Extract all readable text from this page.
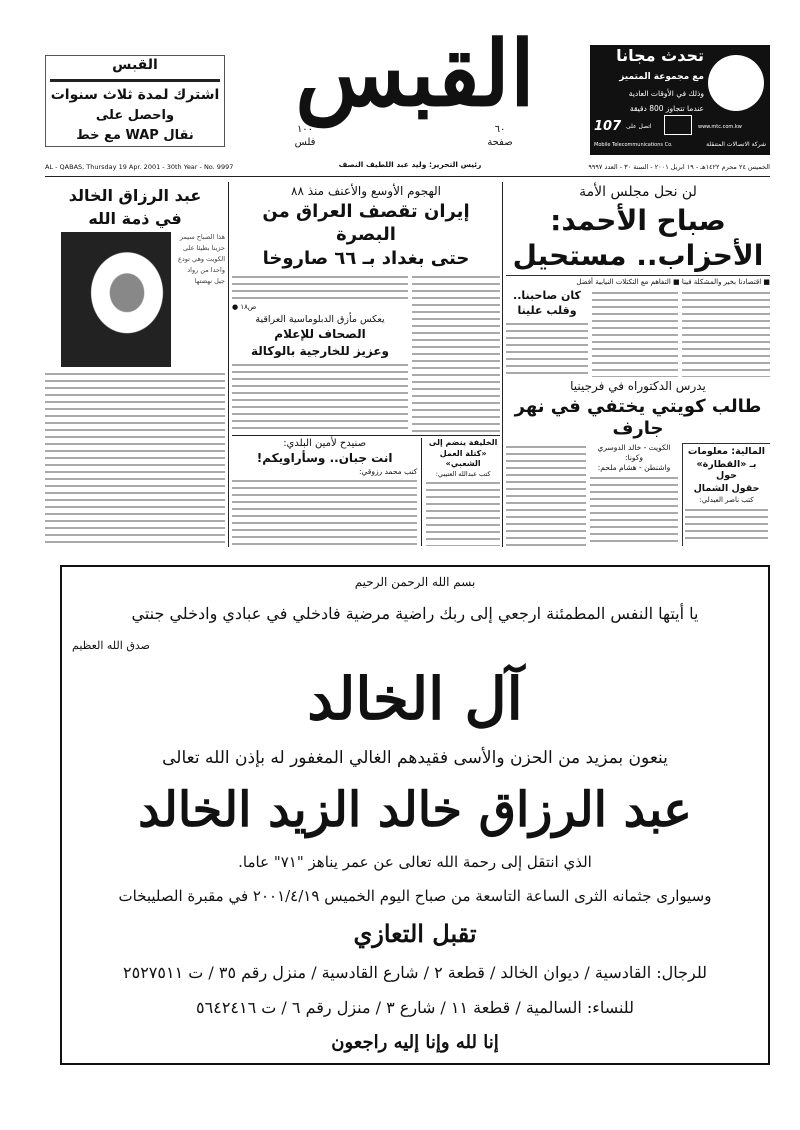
القبس
اشترك لمدة ثلاث سنوات
واحصل على
نقال WAP مع خط
القبس
١٠٠
فلس
٦٠
صفحة
رئيس التحرير: وليد عبد اللطيف النصف
تحدث مجانا
مع مجموعة المتميز
وذلك في الأوقات العادية
عندما تتجاوز 800 دقيقة
107 اتصل على	www.mtc.com.kw
Mobile Telecommunications Co.	شركة الاتصالات المتنقلة
AL - QABAS, Thursday 19 Apr. 2001 - 30th Year - No. 9997	الخميس ٢٤ محرم ١٤٢٢هـ - ١٩ ابريل ٢٠٠١ - السنة ٣٠ - العدد ٩٩٩٧
عبد الرزاق الخالد
في ذمة الله
هذا الصباح سيمر حزينا بطيئا على الكويت وهي تودع واحدا من رواد جيل نهضتها
لن نحل مجلس الأمة
صباح الأحمد:
الأحزاب.. مستحيل
■ اقتصادنا بخير والمشكلة فينا ■ التفاهم مع التكتلات النيابية أفضل
كان صاحبنا..
وقلب علينا
يدرس الدكتوراه في فرجينيا
طالب كويتي يختفي في نهر جارف
المالية: معلومات
بـ «القطارة» حول
حقول الشمال
كتب ناصر العبدلي:
الكويت - خالد الدوسري
وكونا:
واشنطن - هشام ملحم:
الهجوم الأوسع والأعنف منذ ٨٨
إيران تقصف العراق من البصرة
حتى بغداد بـ ٦٦ صاروخا
● ص١٨
يعكس مأزق الدبلوماسية العراقية
الصحاف للإعلام
وعزيز للخارجية بالوكالة
الخليفة ينضم إلى
«كتلة العمل الشعبي»
كتب عبدالله العتيبي:
صنيدح لأمين البلدي:
انت جبان.. وسأراويكم!
كتب محمد رزوقي:
بسم الله الرحمن الرحيم
يا أيتها النفس المطمئنة ارجعي إلى ربك راضية مرضية فادخلي في عبادي وادخلي جنتي
صدق الله العظيم
آل الخالد
ينعون بمزيد من الحزن والأسى فقيدهم الغالي المغفور له بإذن الله تعالى
عبد الرزاق خالد الزيد الخالد
الذي انتقل إلى رحمة الله تعالى عن عمر يناهز "٧١" عاما.
وسيوارى جثمانه الثرى الساعة التاسعة من صباح اليوم الخميس ٢٠٠١/٤/١٩ في مقبرة الصليبخات
تقبل التعازي
للرجال: القادسية / ديوان الخالد / قطعة ٢ / شارع القادسية / منزل رقم ٣٥ / ت ٢٥٢٧٥١١
للنساء: السالمية / قطعة ١١ / شارع ٣ / منزل رقم ٦ / ت ٥٦٤٢٤١٦
إنا لله وإنا إليه راجعون
